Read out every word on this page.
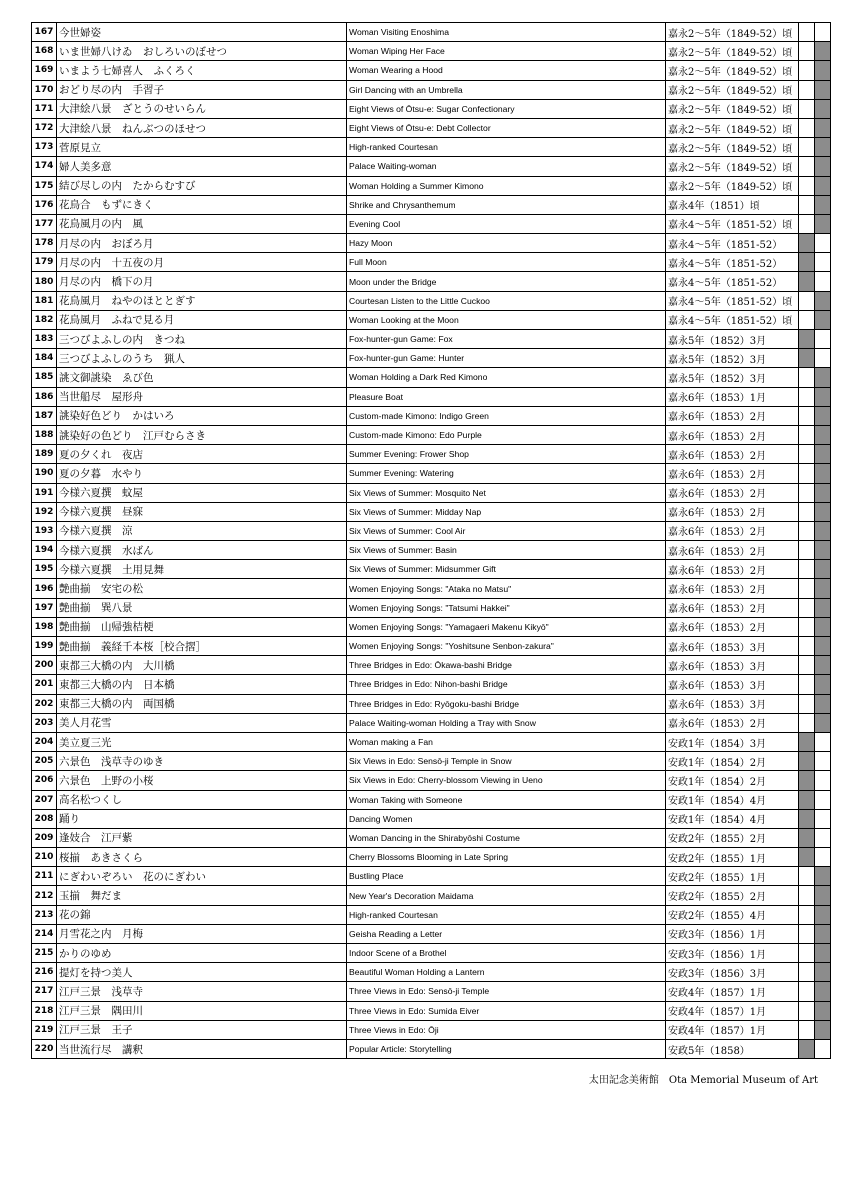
167	今世婦姿	Woman Visiting Enoshima	嘉永2～5年（1849-52）頃		
168	いま世婦八けゐ　おしろいのぼせつ	Woman Wiping Her Face	嘉永2～5年（1849-52）頃		
169	いまよう七婦喜人　ふくろく	Woman Wearing a Hood	嘉永2～5年（1849-52）頃		
170	おどり尽の内　手習子	Girl Dancing with an Umbrella	嘉永2～5年（1849-52）頃		
171	大津絵八景　ざとうのせいらん	Eight Views of Ōtsu-e: Sugar Confectionary	嘉永2～5年（1849-52）頃		
172	大津絵八景　ねんぶつのほせつ	Eight Views of Ōtsu-e: Debt Collector	嘉永2～5年（1849-52）頃		
173	菅原見立	High-ranked Courtesan	嘉永2～5年（1849-52）頃		
174	婦人美多意	Palace Waiting-woman	嘉永2～5年（1849-52）頃		
175	結び尽しの内　たからむすび	Woman Holding a Summer Kimono	嘉永2～5年（1849-52）頃		
176	花鳥合　もずにきく	Shrike and Chrysanthemum	嘉永4年（1851）頃		
177	花鳥風月の内　風	Evening Cool	嘉永4～5年（1851-52）頃		
178	月尽の内　おぼろ月	Hazy Moon	嘉永4～5年（1851-52）		
179	月尽の内　十五夜の月	Full Moon	嘉永4～5年（1851-52）		
180	月尽の内　橋下の月	Moon under the Bridge	嘉永4～5年（1851-52）		
181	花鳥風月　ねやのほととぎす	Courtesan Listen to the Little Cuckoo	嘉永4～5年（1851-52）頃		
182	花鳥風月　ふねで見る月	Woman Looking at the Moon	嘉永4～5年（1851-52）頃		
183	三つびよふしの内　きつね	Fox-hunter-gun Game: Fox	嘉永5年（1852）3月		
184	三つびよふしのうち　猟人	Fox-hunter-gun Game: Hunter	嘉永5年（1852）3月		
185	誂文御誂染　ゑび色	Woman Holding a Dark Red Kimono	嘉永5年（1852）3月		
186	当世船尽　屋形舟	Pleasure Boat	嘉永6年（1853）1月		
187	誂染好色どり　かはいろ	Custom-made Kimono: Indigo Green	嘉永6年（1853）2月		
188	誂染好の色どり　江戸むらさき	Custom-made Kimono: Edo Purple	嘉永6年（1853）2月		
189	夏の夕くれ　夜店	Summer Evening: Frower Shop	嘉永6年（1853）2月		
190	夏の夕暮　水やり	Summer Evening: Watering	嘉永6年（1853）2月		
191	今様六夏撰　蚊屋	Six Views of Summer: Mosquito Net	嘉永6年（1853）2月		
192	今様六夏撰　昼寐	Six Views of Summer: Midday Nap	嘉永6年（1853）2月		
193	今様六夏撰　涼	Six Views of Summer: Cool Air	嘉永6年（1853）2月		
194	今様六夏撰　水ばん	Six Views of Summer: Basin	嘉永6年（1853）2月		
195	今様六夏撰　土用見舞	Six Views of Summer: Midsummer Gift	嘉永6年（1853）2月		
196	艶曲揃　安宅の松	Women Enjoying Songs: "Ataka no Matsu"	嘉永6年（1853）2月		
197	艶曲揃　巽八景	Women Enjoying Songs: "Tatsumi Hakkei"	嘉永6年（1853）2月		
198	艶曲揃　山帰強桔梗	Women Enjoying Songs: "Yamagaeri Makenu Kikyō"	嘉永6年（1853）2月		
199	艶曲揃　義経千本桜［校合摺］	Women Enjoying Songs: "Yoshitsune Senbon-zakura"	嘉永6年（1853）3月		
200	東都三大橋の内　大川橋	Three Bridges in Edo: Ōkawa-bashi Bridge	嘉永6年（1853）3月		
201	東都三大橋の内　日本橋	Three Bridges in Edo: Nihon-bashi Bridge	嘉永6年（1853）3月		
202	東都三大橋の内　両国橋	Three Bridges in Edo: Ryōgoku-bashi Bridge	嘉永6年（1853）3月		
203	美人月花雪	Palace Waiting-woman Holding a Tray with Snow	嘉永6年（1853）2月		
204	美立夏三光	Woman making a Fan	安政1年（1854）3月		
205	六景色　浅草寺のゆき	Six Views in Edo: Sensō-ji Temple in Snow	安政1年（1854）2月		
206	六景色　上野の小桜	Six Views in Edo: Cherry-blossom Viewing in Ueno	安政1年（1854）2月		
207	高名松つくし	Woman Taking with Someone	安政1年（1854）4月		
208	踊り	Dancing Women	安政1年（1854）4月		
209	逢妓合　江戸紫	Woman Dancing in the Shirabyōshi Costume	安政2年（1855）2月		
210	桜揃　あきさくら	Cherry Blossoms Blooming in Late Spring	安政2年（1855）1月		
211	にぎわいぞろい　花のにぎわい	Bustling Place	安政2年（1855）1月		
212	玉揃　舞だま	New Year's Decoration Maidama	安政2年（1855）2月		
213	花の錦	High-ranked Courtesan	安政2年（1855）4月		
214	月雪花之内　月梅	Geisha Reading a Letter	安政3年（1856）1月		
215	かりのゆめ	Indoor Scene of a Brothel	安政3年（1856）1月		
216	提灯を持つ美人	Beautiful Woman Holding a Lantern	安政3年（1856）3月		
217	江戸三景　浅草寺	Three Views in Edo: Sensō-ji Temple	安政4年（1857）1月		
218	江戸三景　隅田川	Three Views in Edo: Sumida Eiver	安政4年（1857）1月		
219	江戸三景　王子	Three Views in Edo: Ōji	安政4年（1857）1月		
220	当世流行尽　講釈	Popular Article: Storytelling	安政5年（1858）		
太田記念美術館　Ota Memorial Museum of Art
